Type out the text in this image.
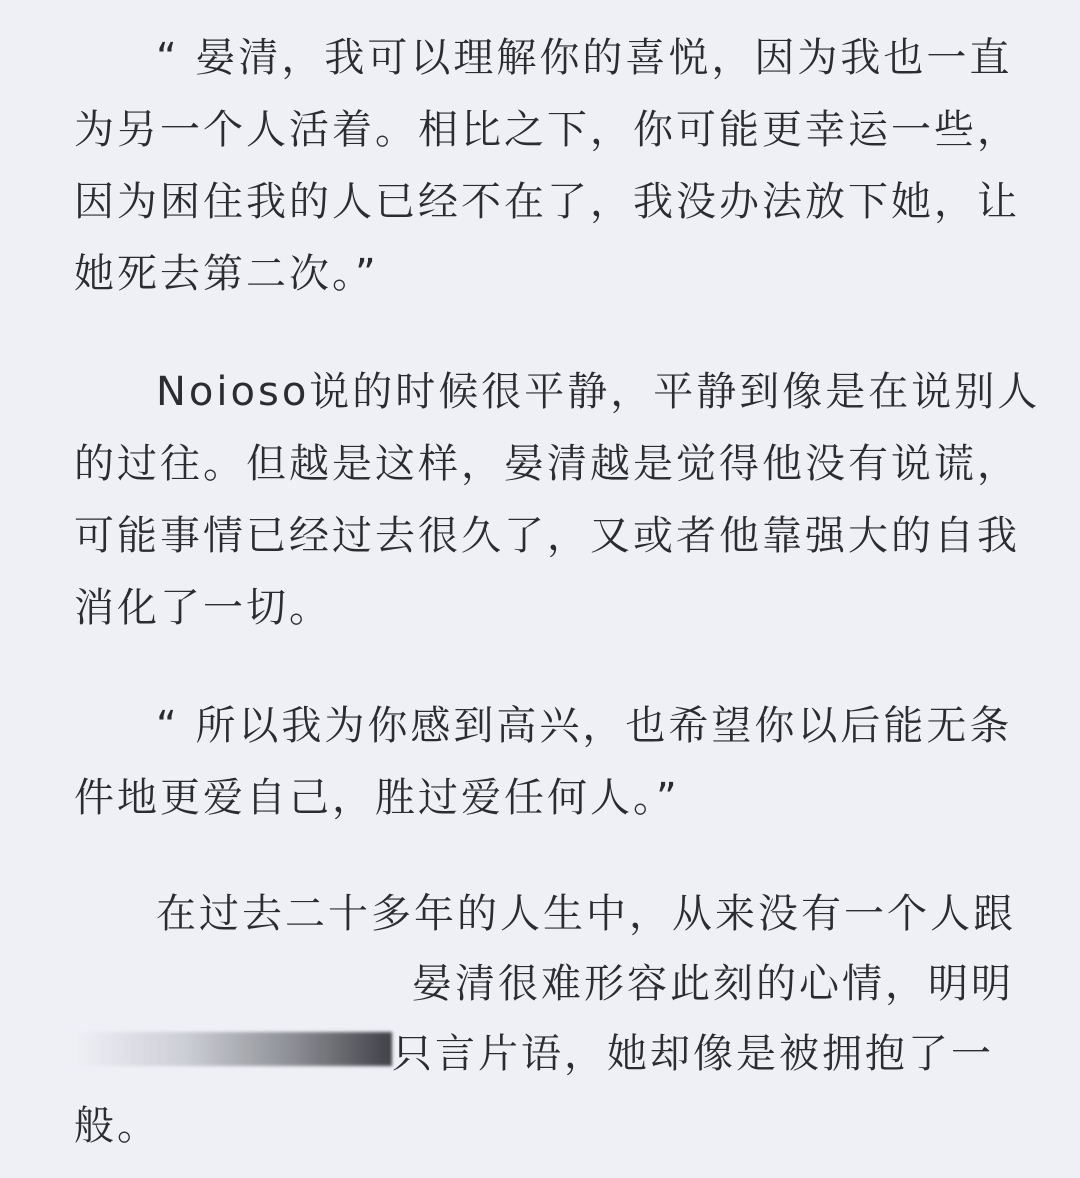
“ 晏清，我可以理解你的喜悦，因为我也一直
为另一个人活着。相比之下，你可能更幸运一些，
因为困住我的人已经不在了，我没办法放下她，让
她死去第二次。”
Noioso说的时候很平静，平静到像是在说别人
的过往。但越是这样，晏清越是觉得他没有说谎，
可能事情已经过去很久了，又或者他靠强大的自我
消化了一切。
“ 所以我为你感到高兴，也希望你以后能无条
件地更爱自己，胜过爱任何人。”
在过去二十多年的人生中，从来没有一个人跟
晏清很难形容此刻的心情，明明
只言片语，她却像是被拥抱了一
般。
